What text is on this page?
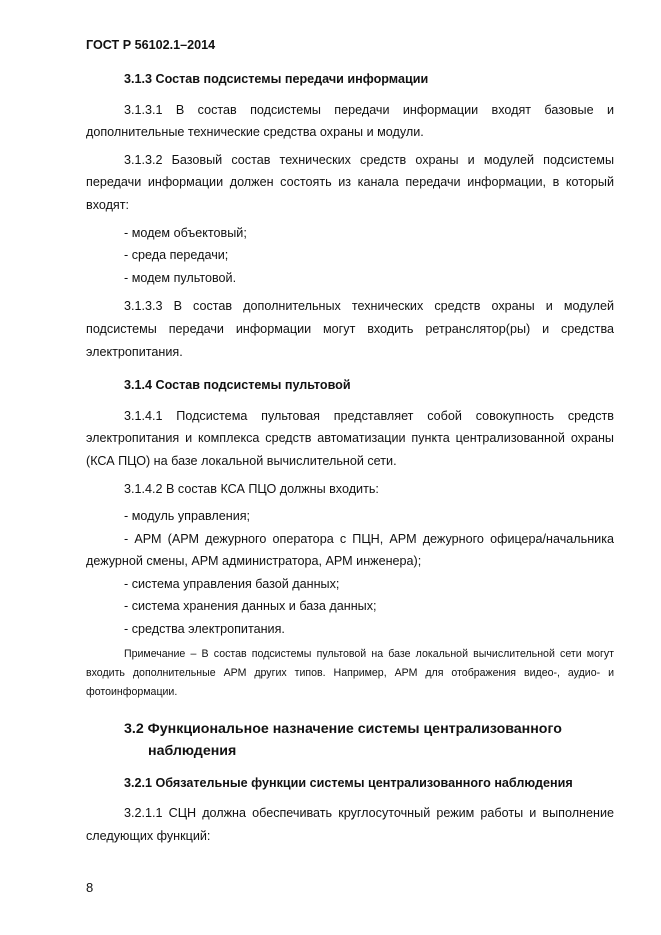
ГОСТ Р 56102.1–2014
3.1.3 Состав подсистемы передачи информации

3.1.3.1 В состав подсистемы передачи информации входят базовые и дополнительные технические средства охраны и модули.

3.1.3.2 Базовый состав технических средств охраны и модулей подсистемы передачи информации должен состоять из канала передачи информации, в который входят:

- модем объектовый;

- среда передачи;

- модем пультовой.

3.1.3.3 В состав дополнительных технических средств охраны и модулей подсистемы передачи информации могут входить ретранслятор(ры) и средства электропитания.

3.1.4 Состав подсистемы пультовой

3.1.4.1 Подсистема пультовая представляет собой совокупность средств электропитания и комплекса средств автоматизации пункта централизованной охраны (КСА ПЦО) на базе локальной вычислительной сети.

3.1.4.2 В состав КСА ПЦО должны входить:

- модуль управления;

- АРМ (АРМ дежурного оператора с ПЦН, АРМ дежурного офицера/начальника дежурной смены, АРМ администратора, АРМ инженера);

- система управления базой данных;

- система хранения данных и база данных;

- средства электропитания.

Примечание – В состав подсистемы пультовой на базе локальной вычислительной сети могут входить дополнительные АРМ других типов. Например, АРМ для отображения видео-, аудио- и фотоинформации.

3.2 Функциональное назначение системы централизованного
наблюдения
3.2.1 Обязательные функции системы централизованного наблюдения

3.2.1.1 СЦН должна обеспечивать круглосуточный режим работы и выполнение следующих функций:

8
